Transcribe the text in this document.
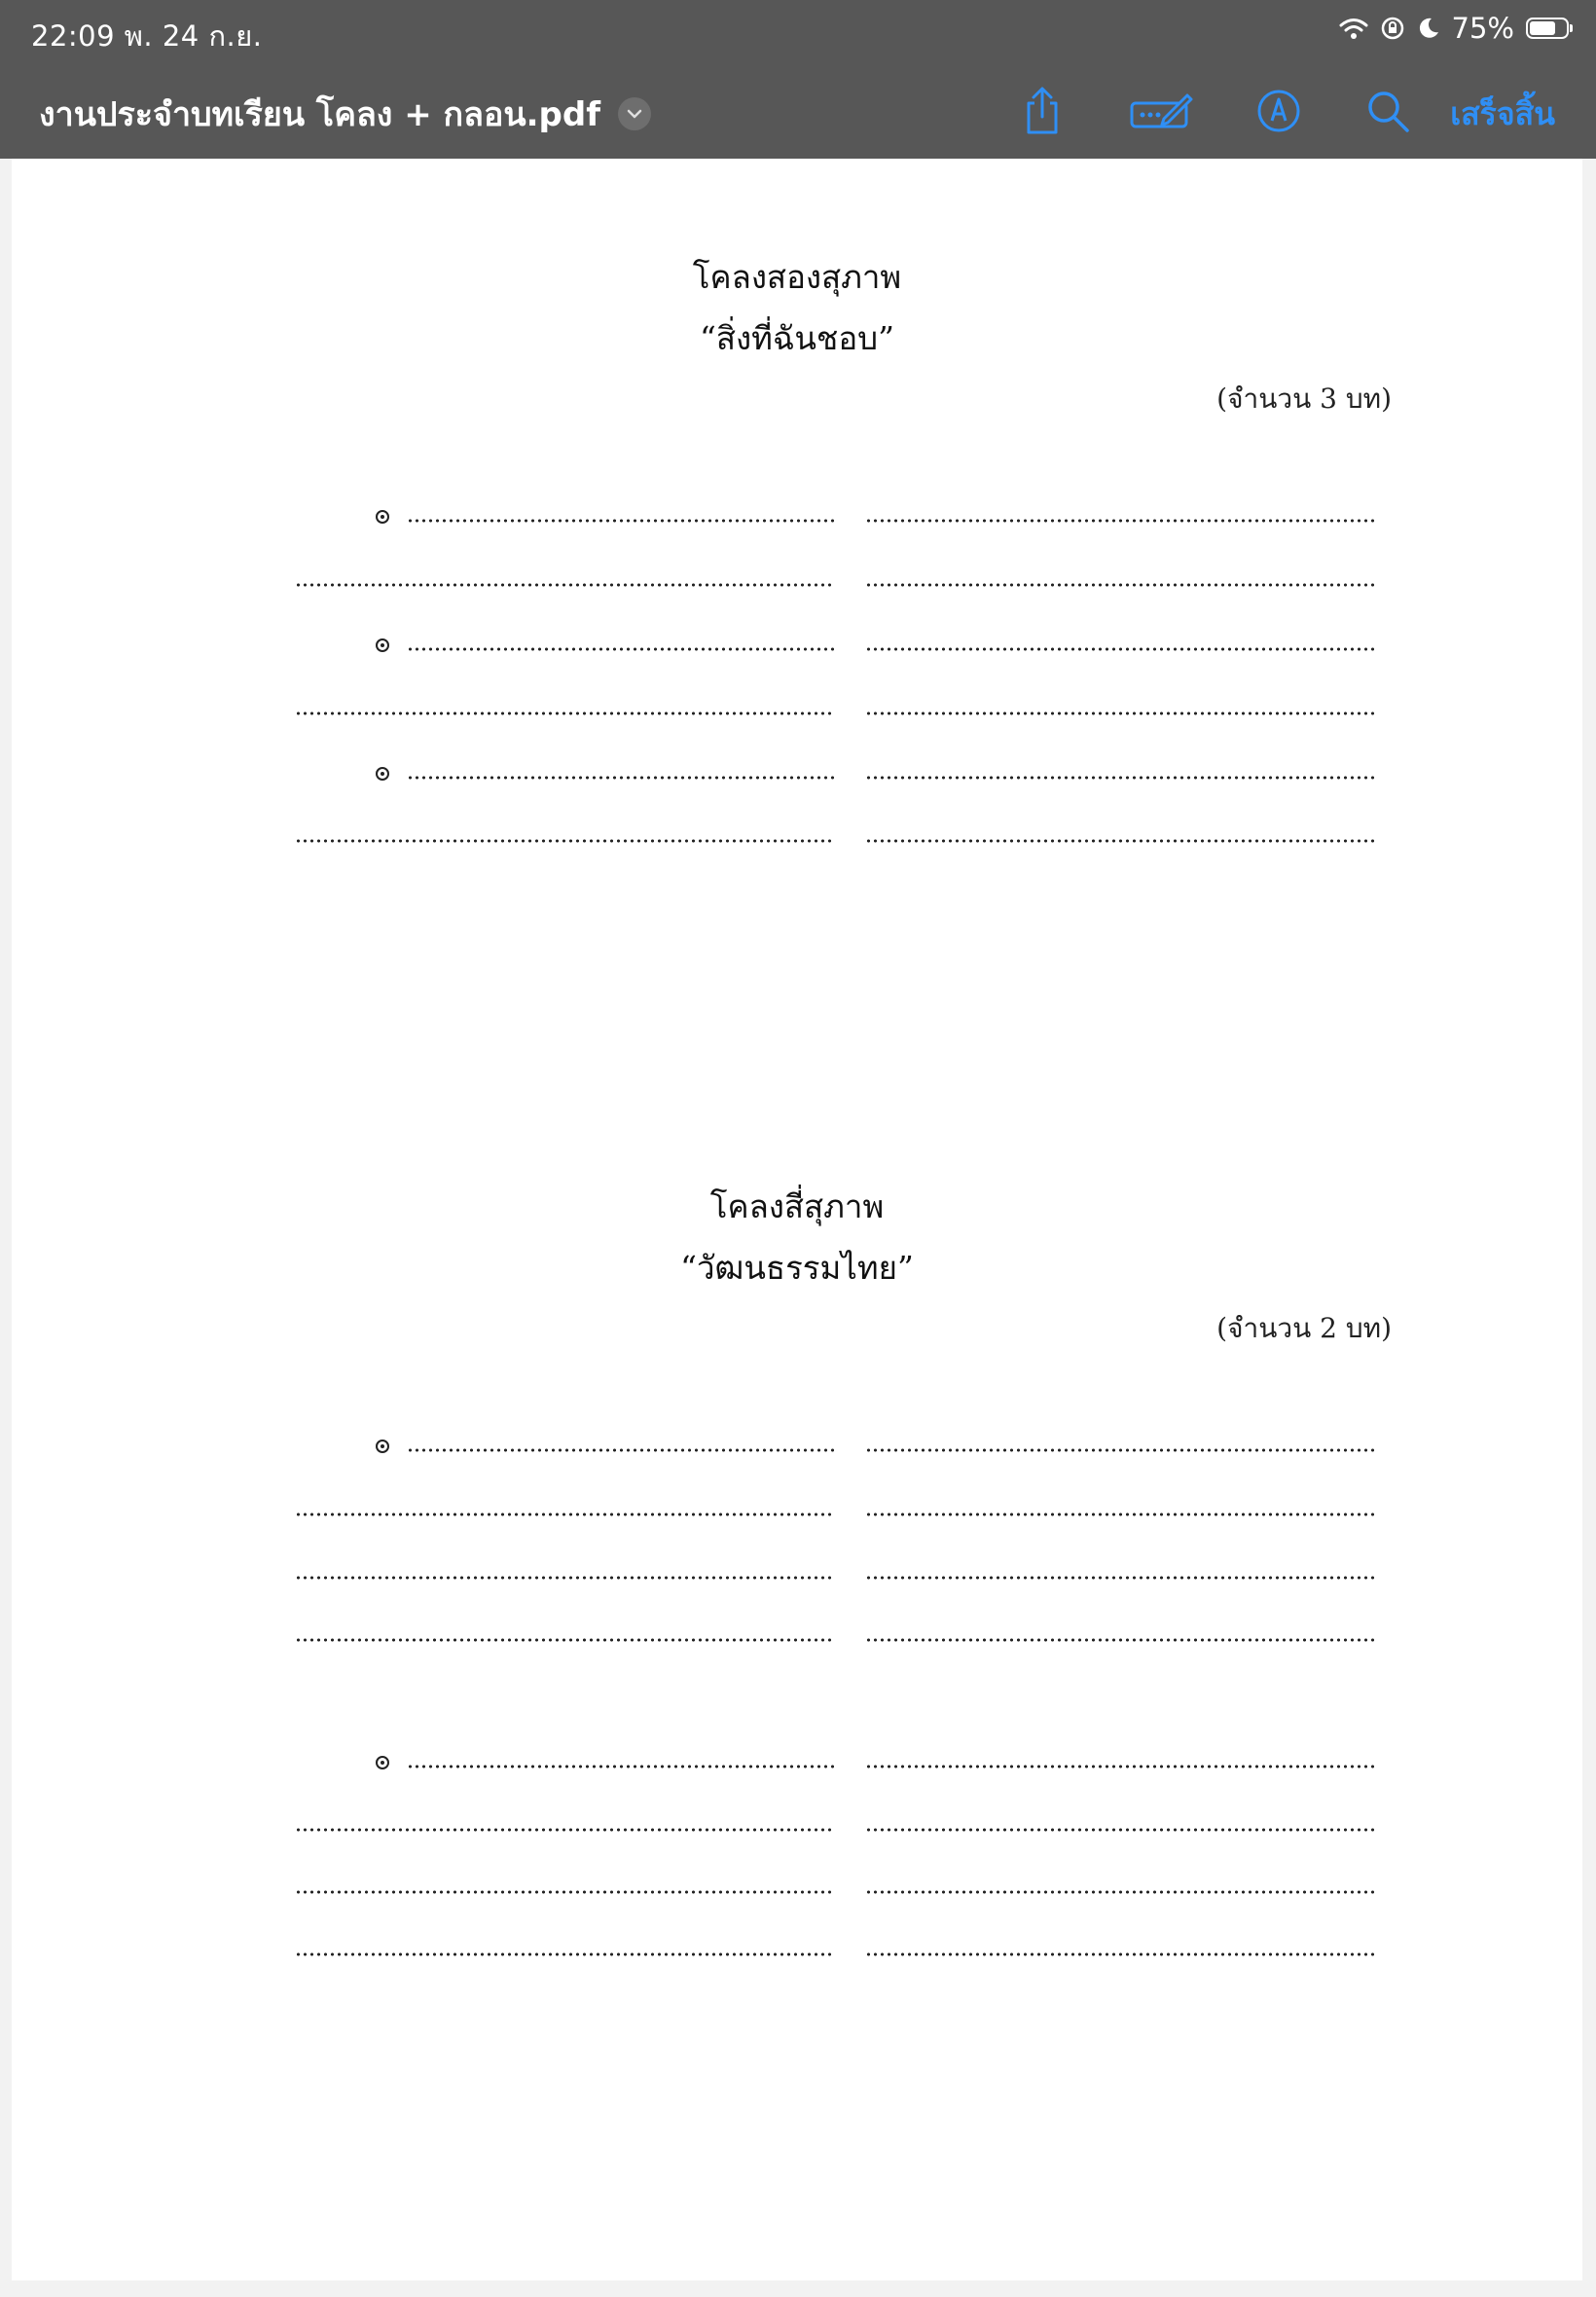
22:09 พ. 24 ก.ย.	75%
งานประจำบทเรียน โคลง + กลอน.pdf	เสร็จสิ้น
โคลงสองสุภาพ
“สิ่งที่ฉันชอบ”
(จำนวน 3 บท)
โคลงสี่สุภาพ
“วัฒนธรรมไทย”
(จำนวน 2 บท)
